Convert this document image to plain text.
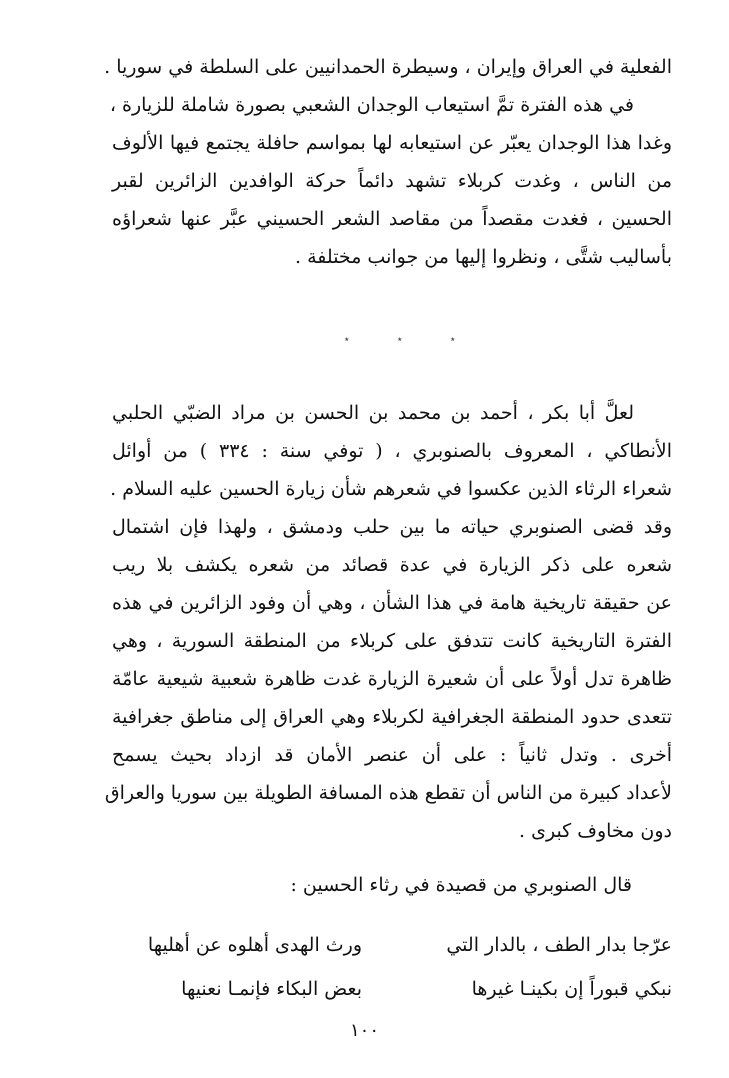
الفعلية في العراق وإيران ، وسيطرة الحمدانيين على السلطة في سوريا .
في هذه الفترة تمَّ استيعاب الوجدان الشعبي بصورة شاملة للزيارة ،
وغدا هذا الوجدان يعبّر عن استيعابه لها بمواسم حافلة يجتمع فيها الألوف
من الناس ، وغدت كربلاء تشهد دائماً حركة الوافدين الزائرين لقبر
الحسين ، فغدت مقصداً من مقاصد الشعر الحسيني عبَّر عنها شعراؤه
بأساليب شتَّى ، ونظروا إليها من جوانب مختلفة .
٭	٭	٭
لعلَّ أبا بكر ، أحمد بن محمد بن الحسن بن مراد الضبّي الحلبي
الأنطاكي ، المعروف بالصنوبري ، ( توفي سنة : ٣٣٤ ) من أوائل
شعراء الرثاء الذين عكسوا في شعرهم شأن زيارة الحسين عليه السلام .
وقد قضى الصنوبري حياته ما بين حلب ودمشق ، ولهذا فإن اشتمال
شعره على ذكر الزيارة في عدة قصائد من شعره يكشف بلا ريب
عن حقيقة تاريخية هامة في هذا الشأن ، وهي أن وفود الزائرين في هذه
الفترة التاريخية كانت تتدفق على كربلاء من المنطقة السورية ، وهي
ظاهرة تدل أولاً على أن شعيرة الزيارة غدت ظاهرة شعبية شيعية عامّة
تتعدى حدود المنطقة الجغرافية لكربلاء وهي العراق إلى مناطق جغرافية
أخرى . وتدل ثانياً : على أن عنصر الأمان قد ازداد بحيث يسمح
لأعداد كبيرة من الناس أن تقطع هذه المسافة الطويلة بين سوريا والعراق
دون مخاوف كبرى .

قال الصنوبري من قصيدة في رثاء الحسين :

عرّجا بدار الطف ، بالدار التي
ورث الهدى أهلوه عن أهليها
نبكي قبوراً إن بكينـا غيرها
بعض البكاء فإنمـا نعنيها
١٠٠
